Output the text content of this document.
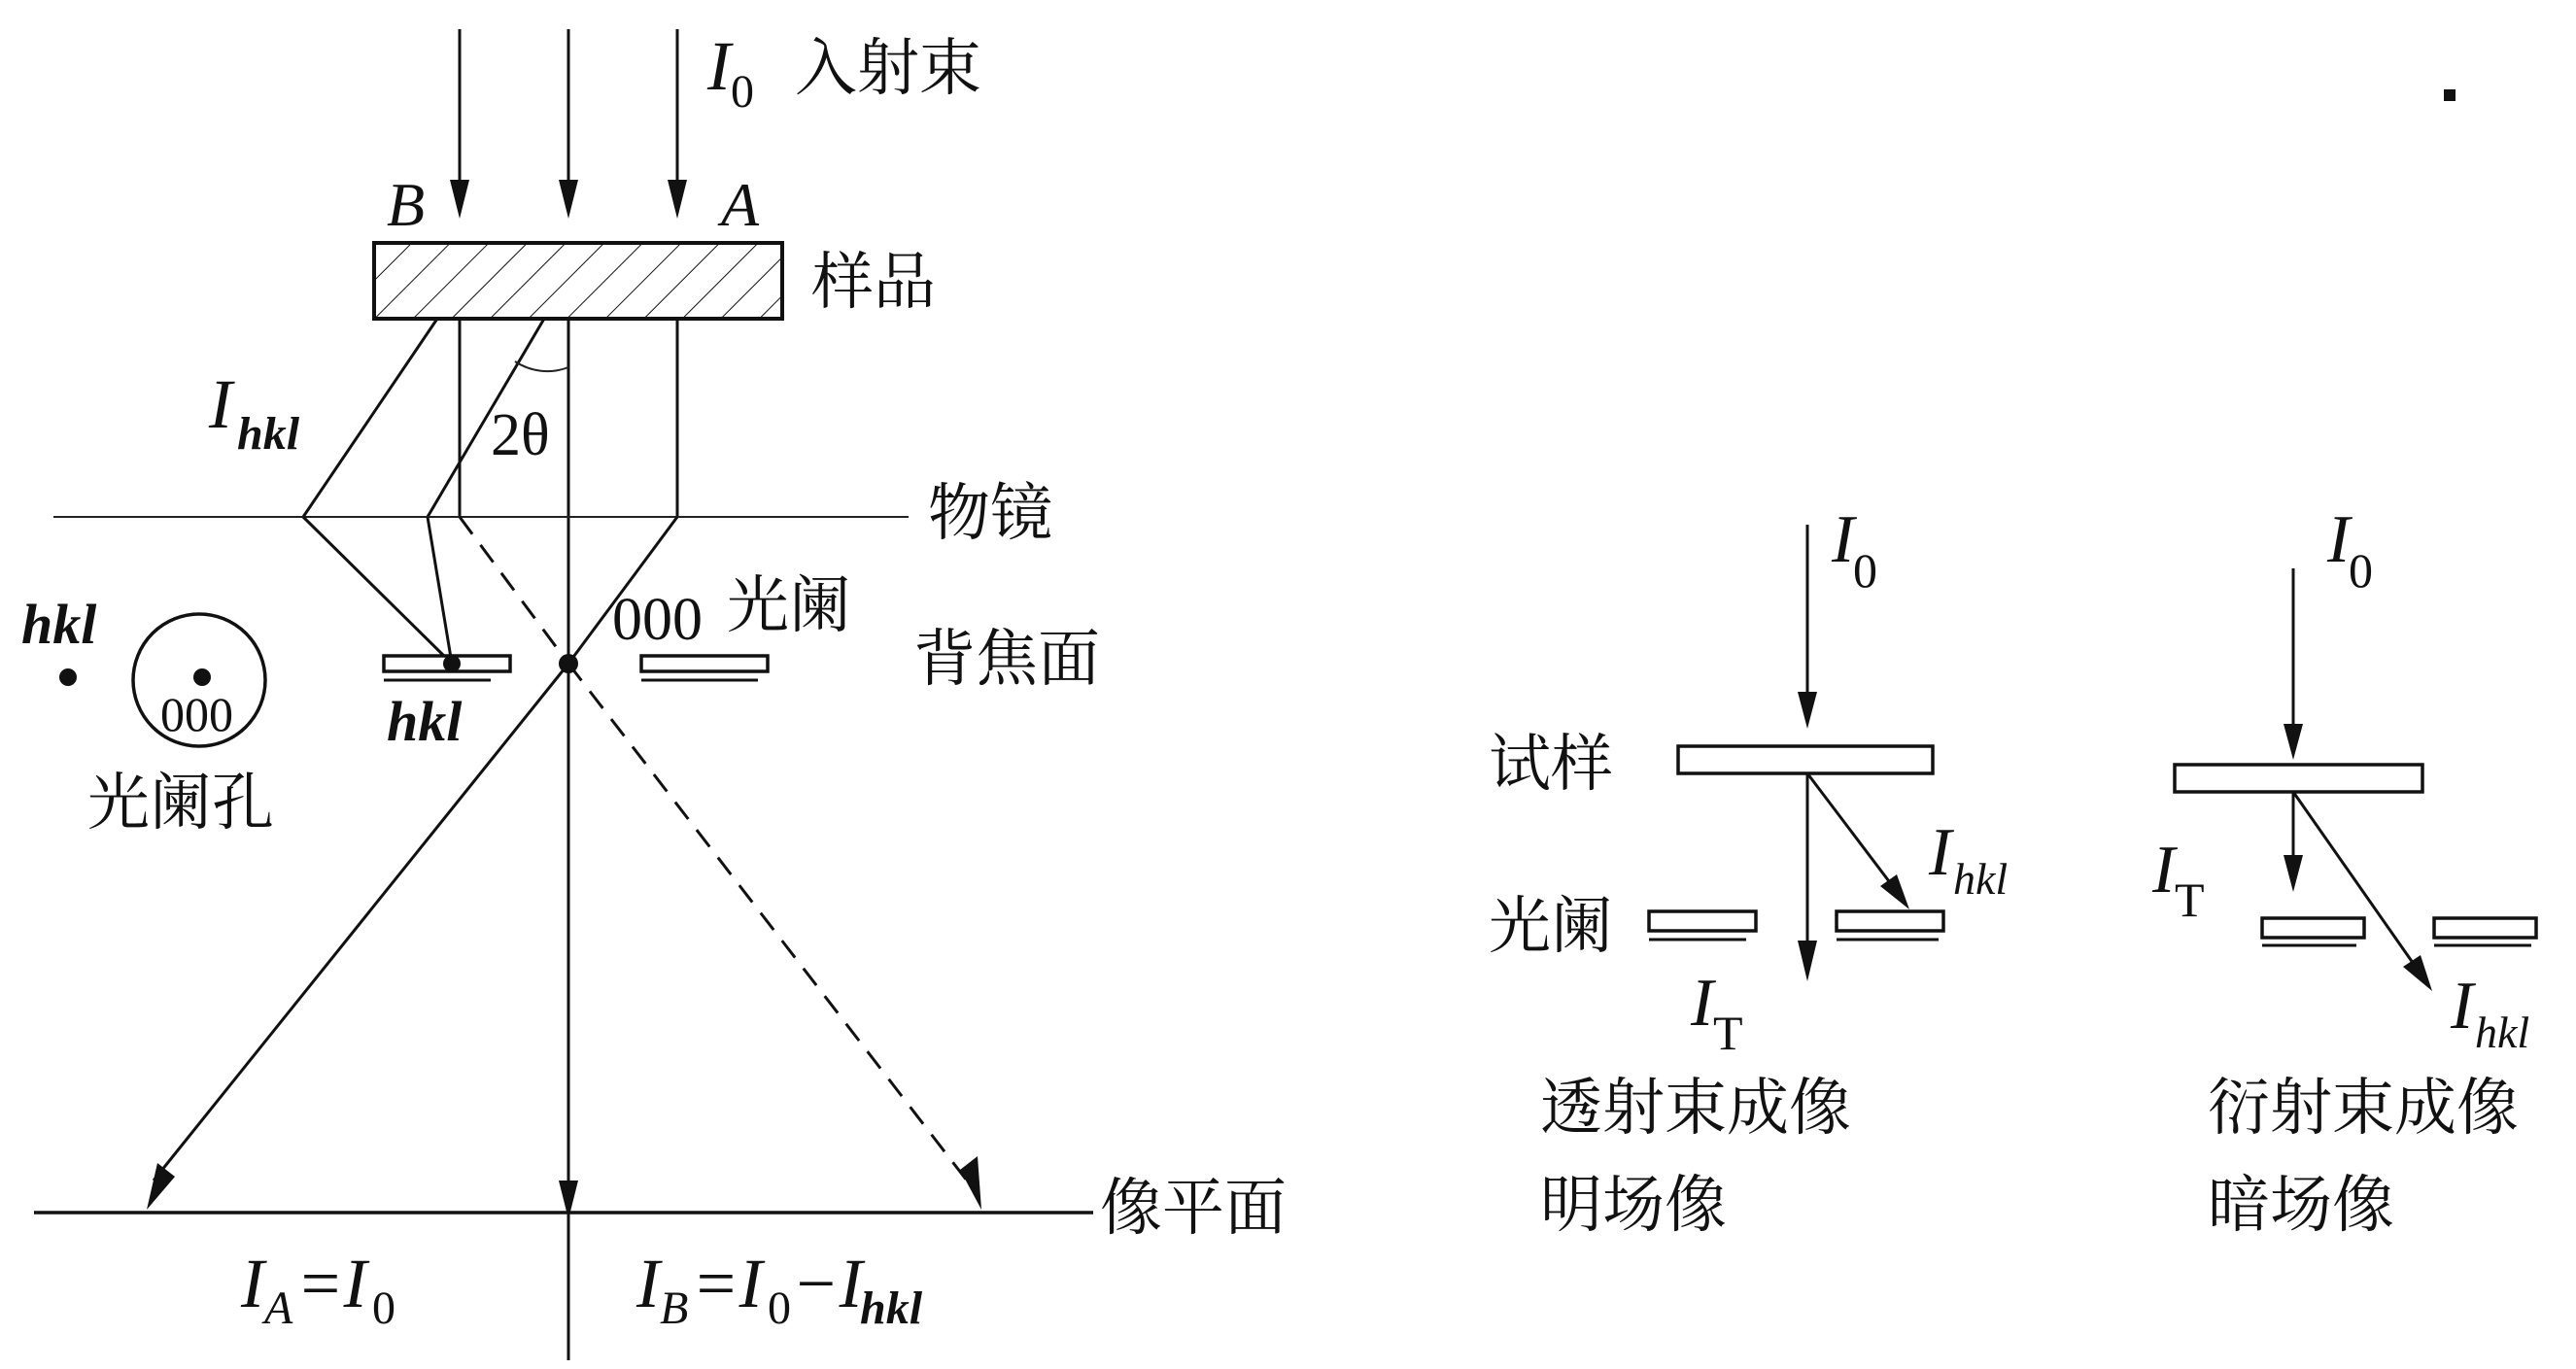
I 0 入射束
B	A
样品
2θ
I hkl
物镜
000 光阑
背焦面
hkl
000
光阑孔
hkl
像平面
I A =I 0	I B =I 0 −I
hkl
I
0
试样
光阑
I hkl
I T
透射束成像
明场像
I
0
I T
I hkl
衍射束成像
暗场像
